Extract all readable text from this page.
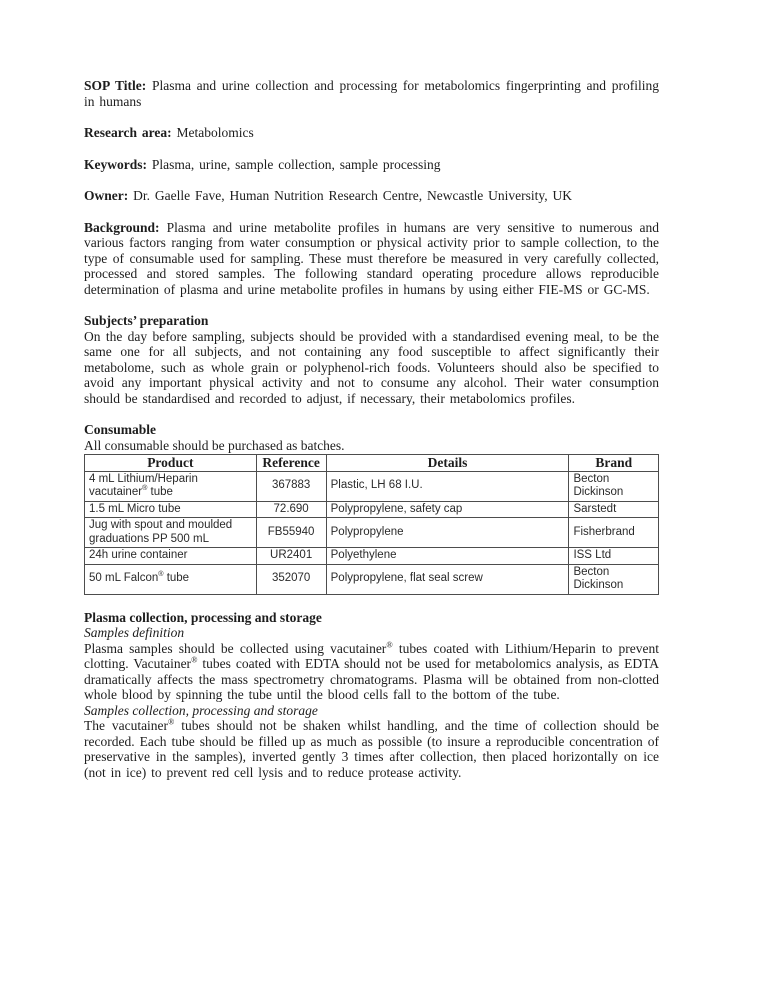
SOP Title: Plasma and urine collection and processing for metabolomics fingerprinting and profiling in humans
Research area: Metabolomics
Keywords: Plasma, urine, sample collection, sample processing
Owner: Dr. Gaelle Fave, Human Nutrition Research Centre, Newcastle University, UK
Background: Plasma and urine metabolite profiles in humans are very sensitive to numerous and various factors ranging from water consumption or physical activity prior to sample collection, to the type of consumable used for sampling. These must therefore be measured in very carefully collected, processed and stored samples. The following standard operating procedure allows reproducible determination of plasma and urine metabolite profiles in humans by using either FIE-MS or GC-MS.
Subjects’ preparation
On the day before sampling, subjects should be provided with a standardised evening meal, to be the same one for all subjects, and not containing any food susceptible to affect significantly their metabolome, such as whole grain or polyphenol-rich foods. Volunteers should also be specified to avoid any important physical activity and not to consume any alcohol. Their water consumption should be standardised and recorded to adjust, if necessary, their metabolomics profiles.
Consumable
All consumable should be purchased as batches.
Product	Reference	Details	Brand
4 mL Lithium/Heparin vacutainer® tube	367883	Plastic, LH 68 I.U.	Becton Dickinson
1.5 mL Micro tube	72.690	Polypropylene, safety cap	Sarstedt
Jug with spout and moulded graduations PP 500 mL	FB55940	Polypropylene	Fisherbrand
24h urine container	UR2401	Polyethylene	ISS Ltd
50 mL Falcon® tube	352070	Polypropylene, flat seal screw	Becton Dickinson
Plasma collection, processing and storage
Samples definition
Plasma samples should be collected using vacutainer® tubes coated with Lithium/Heparin to prevent clotting. Vacutainer® tubes coated with EDTA should not be used for metabolomics analysis, as EDTA dramatically affects the mass spectrometry chromatograms. Plasma will be obtained from non-clotted whole blood by spinning the tube until the blood cells fall to the bottom of the tube.
Samples collection, processing and storage
The vacutainer® tubes should not be shaken whilst handling, and the time of collection should be recorded. Each tube should be filled up as much as possible (to insure a reproducible concentration of preservative in the samples), inverted gently 3 times after collection, then placed horizontally on ice (not in ice) to prevent red cell lysis and to reduce protease activity.
